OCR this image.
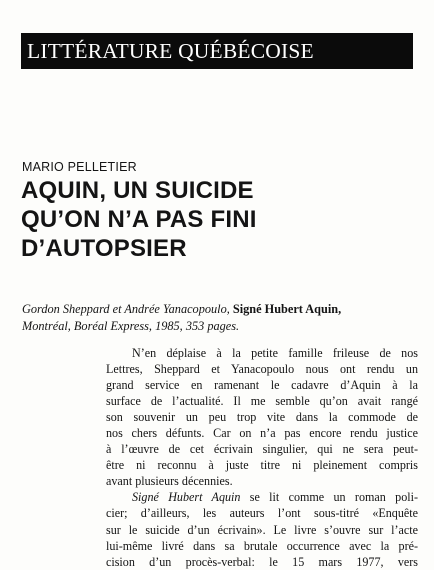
LITTÉRATURE QUÉBÉCOISE
MARIO PELLETIER
AQUIN, UN SUICIDE
QU’ON N’A PAS FINI
D’AUTOPSIER
Gordon Sheppard et Andrée Yanacopoulo, Signé Hubert Aquin,
Montréal, Boréal Express, 1985, 353 pages.
N’en déplaise à la petite famille frileuse de nos
Lettres, Sheppard et Yanacopoulo nous ont rendu un
grand service en ramenant le cadavre d’Aquin à la
surface de l’actualité. Il me semble qu’on avait rangé
son souvenir un peu trop vite dans la commode de
nos chers défunts. Car on n’a pas encore rendu justice
à l’œuvre de cet écrivain singulier, qui ne sera peut-
être ni reconnu à juste titre ni pleinement compris
avant plusieurs décennies.
Signé Hubert Aquin se lit comme un roman poli-
cier; d’ailleurs, les auteurs l’ont sous-titré «Enquête
sur le suicide d’un écrivain». Le livre s’ouvre sur l’acte
lui-même livré dans sa brutale occurrence avec la pré-
cision d’un procès-verbal: le 15 mars 1977, vers
